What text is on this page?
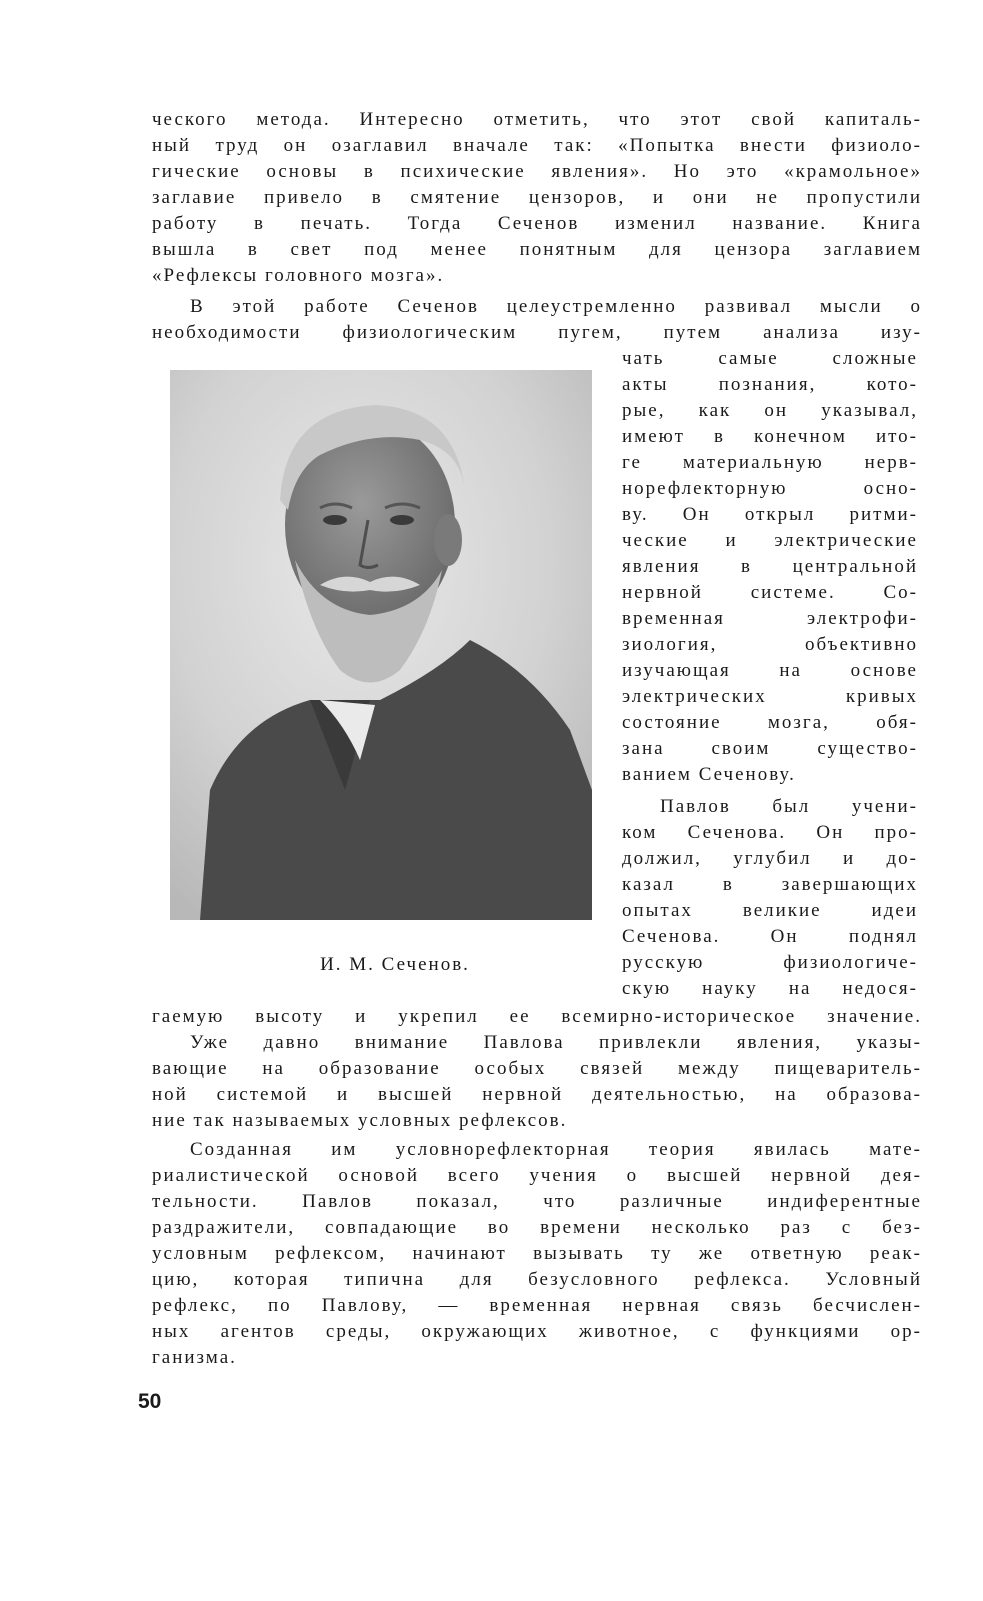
ческого метода. Интересно отметить, что этот свой капиталь-
ный труд он озаглавил вначале так: «Попытка внести физиоло-
гические основы в психические явления». Но это «крамольное»
заглавие привело в смятение цензоров, и они не пропустили
работу в печать. Тогда Сеченов изменил название. Книга
вышла в свет под менее понятным для цензора заглавием
«Рефлексы головного мозга».
В этой работе Сеченов целеустремленно развивал мысли о
необходимости физиологическим пугем, путем анализа изу-
И. М. Сеченов.
чать самые сложные
акты познания, кото-
рые, как он указывал,
имеют в конечном ито-
ге материальную нерв-
норефлекторную осно-
ву. Он открыл ритми-
ческие и электрические
явления в центральной
нервной системе. Со-
временная электрофи-
зиология, объективно
изучающая на основе
электрических кривых
состояние мозга, обя-
зана своим существо-
ванием Сеченову.
Павлов был учени-
ком Сеченова. Он про-
должил, углубил и до-
казал в завершающих
опытах великие идеи
Сеченова. Он поднял
русскую физиологиче-
скую науку на недося-
гаемую высоту и укрепил ее всемирно-историческое значение.
Уже давно внимание Павлова привлекли явления, указы-
вающие на образование особых связей между пищеваритель-
ной системой и высшей нервной деятельностью, на образова-
ние так называемых условных рефлексов.
Созданная им условнорефлекторная теория явилась мате-
риалистической основой всего учения о высшей нервной дея-
тельности. Павлов показал, что различные индиферентные
раздражители, совпадающие во времени несколько раз с без-
условным рефлексом, начинают вызывать ту же ответную реак-
цию, которая типична для безусловного рефлекса. Условный
рефлекс, по Павлову, — временная нервная связь бесчислен-
ных агентов среды, окружающих животное, с функциями ор-
ганизма.
50
